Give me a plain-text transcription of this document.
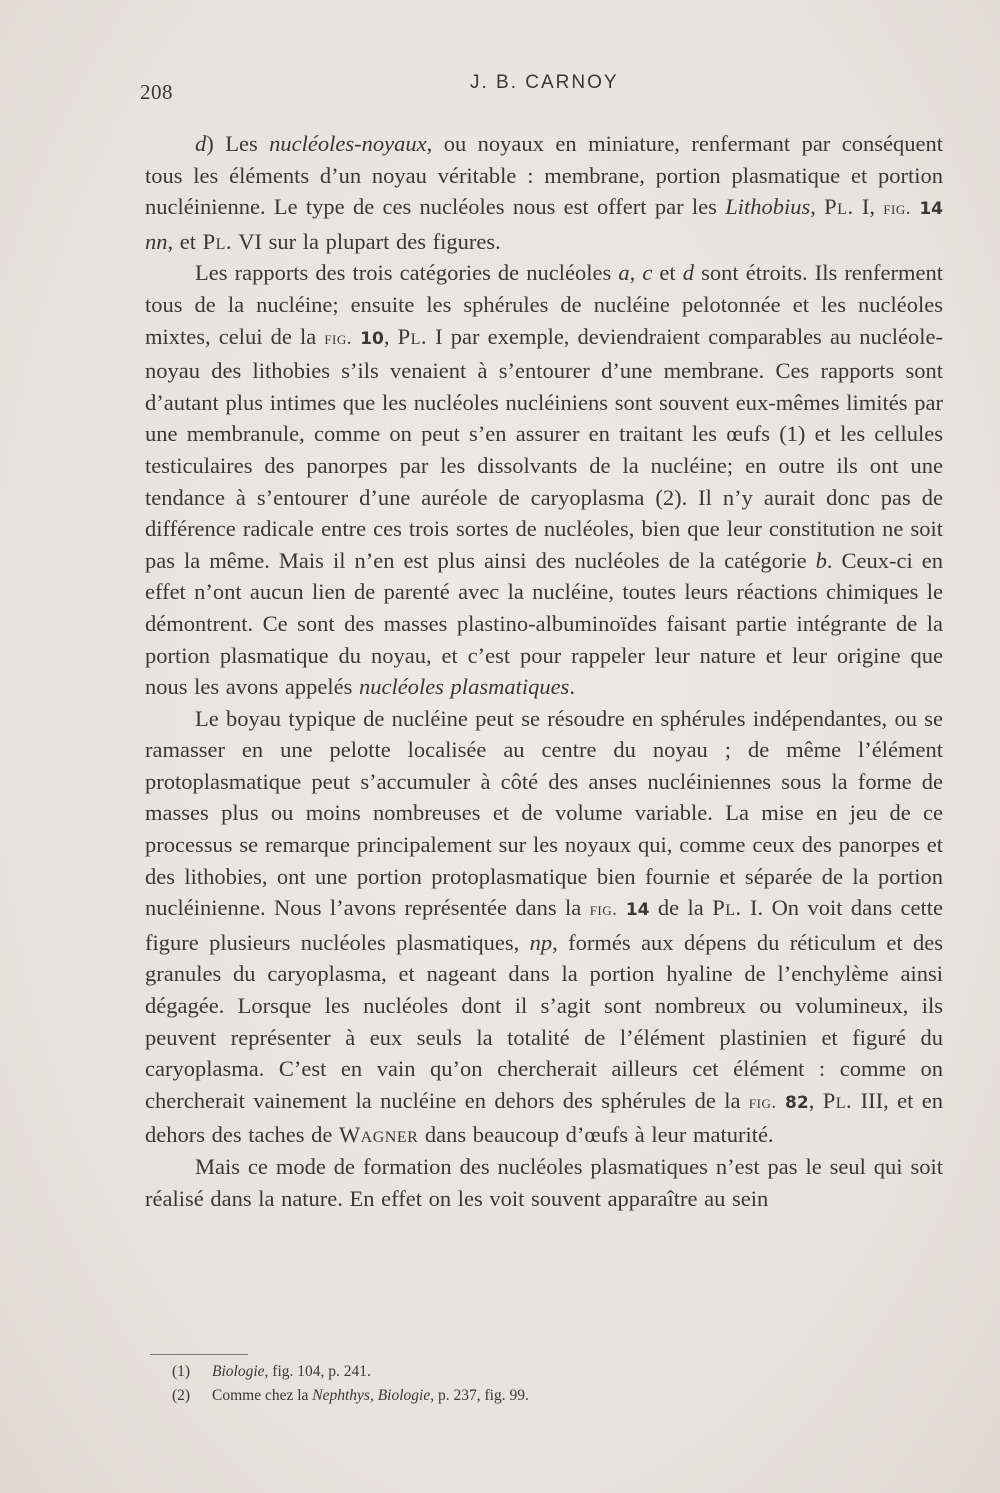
208	J. B. CARNOY

d) Les nucléoles-noyaux, ou noyaux en miniature, renfermant par conséquent tous les éléments d’un noyau véritable : membrane, portion plasmatique et portion nucléinienne. Le type de ces nucléoles nous est offert par les Lithobius, Pl. I, fig. 14 nn, et Pl. VI sur la plupart des figures.

Les rapports des trois catégories de nucléoles a, c et d sont étroits. Ils renferment tous de la nucléine; ensuite les sphérules de nucléine pelotonnée et les nucléoles mixtes, celui de la fig. 10, Pl. I par exemple, deviendraient comparables au nucléole-noyau des lithobies s’ils venaient à s’entourer d’une membrane. Ces rapports sont d’autant plus intimes que les nucléoles nucléiniens sont souvent eux-mêmes limités par une membranule, comme on peut s’en assurer en traitant les œufs (1) et les cellules testiculaires des panorpes par les dissolvants de la nucléine; en outre ils ont une tendance à s’entourer d’une auréole de caryoplasma (2). Il n’y aurait donc pas de différence radicale entre ces trois sortes de nucléoles, bien que leur constitution ne soit pas la même. Mais il n’en est plus ainsi des nucléoles de la catégorie b. Ceux-ci en effet n’ont aucun lien de parenté avec la nucléine, toutes leurs réactions chimiques le démontrent. Ce sont des masses plastino-albuminoïdes faisant partie intégrante de la portion plasmatique du noyau, et c’est pour rappeler leur nature et leur origine que nous les avons appelés nucléoles plasmatiques.

Le boyau typique de nucléine peut se résoudre en sphérules indépendantes, ou se ramasser en une pelotte localisée au centre du noyau ; de même l’élément protoplasmatique peut s’accumuler à côté des anses nucléiniennes sous la forme de masses plus ou moins nombreuses et de volume variable. La mise en jeu de ce processus se remarque principalement sur les noyaux qui, comme ceux des panorpes et des lithobies, ont une portion protoplasmatique bien fournie et séparée de la portion nucléinienne. Nous l’avons représentée dans la fig. 14 de la Pl. I. On voit dans cette figure plusieurs nucléoles plasmatiques, np, formés aux dépens du réticulum et des granules du caryoplasma, et nageant dans la portion hyaline de l’enchylème ainsi dégagée. Lorsque les nucléoles dont il s’agit sont nombreux ou volumineux, ils peuvent représenter à eux seuls la totalité de l’élément plastinien et figuré du caryoplasma. C’est en vain qu’on chercherait ailleurs cet élément : comme on chercherait vainement la nucléine en dehors des sphérules de la fig. 82, Pl. III, et en dehors des taches de Wagner dans beaucoup d’œufs à leur maturité.

Mais ce mode de formation des nucléoles plasmatiques n’est pas le seul qui soit réalisé dans la nature. En effet on les voit souvent apparaître au sein

(1) Biologie, fig. 104, p. 241.
(2) Comme chez la Nephthys, Biologie, p. 237, fig. 99.
